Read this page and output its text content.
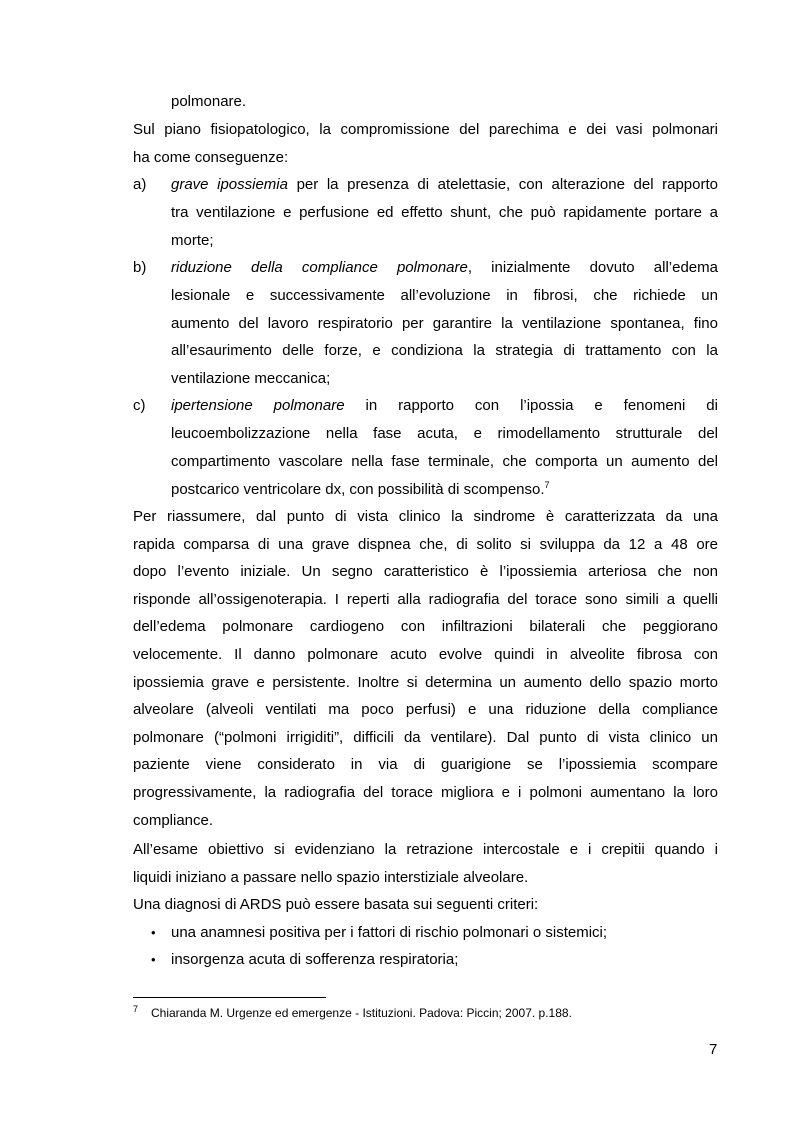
polmonare.
Sul piano fisiopatologico, la compromissione del parechima e dei vasi polmonari
ha come conseguenze:
a) grave ipossiemia per la presenza di atelettasie, con alterazione del rapporto
tra ventilazione e perfusione ed effetto shunt, che può rapidamente portare a
morte;
b) riduzione della compliance polmonare, inizialmente dovuto all’edema
lesionale e successivamente all’evoluzione in fibrosi, che richiede un
aumento del lavoro respiratorio per garantire la ventilazione spontanea, fino
all’esaurimento delle forze, e condiziona la strategia di trattamento con la
ventilazione meccanica;
c) ipertensione polmonare in rapporto con l’ipossia e fenomeni di
leucoembolizzazione nella fase acuta, e rimodellamento strutturale del
compartimento vascolare nella fase terminale, che comporta un aumento del
postcarico ventricolare dx, con possibilità di scompenso.$^7$
Per riassumere, dal punto di vista clinico la sindrome è caratterizzata da una
rapida comparsa di una grave dispnea che, di solito si sviluppa da 12 a 48 ore
dopo l’evento iniziale. Un segno caratteristico è l’ipossiemia arteriosa che non
risponde all’ossigenoterapia. I reperti alla radiografia del torace sono simili a quelli
dell’edema polmonare cardiogeno con infiltrazioni bilaterali che peggiorano
velocemente. Il danno polmonare acuto evolve quindi in alveolite fibrosa con
ipossiemia grave e persistente. Inoltre si determina un aumento dello spazio morto
alveolare (alveoli ventilati ma poco perfusi) e una riduzione della compliance
polmonare (“polmoni irrigiditi”, difficili da ventilare). Dal punto di vista clinico un
paziente viene considerato in via di guarigione se l’ipossiemia scompare
progressivamente, la radiografia del torace migliora e i polmoni aumentano la loro
compliance.
All’esame obiettivo si evidenziano la retrazione intercostale e i crepitii quando i
liquidi iniziano a passare nello spazio interstiziale alveolare.
Una diagnosi di ARDS può essere basata sui seguenti criteri:
• una anamnesi positiva per i fattori di rischio polmonari o sistemici;
• insorgenza acuta di sofferenza respiratoria;
7 Chiaranda M. Urgenze ed emergenze - Istituzioni. Padova: Piccin; 2007. p.188.
7
